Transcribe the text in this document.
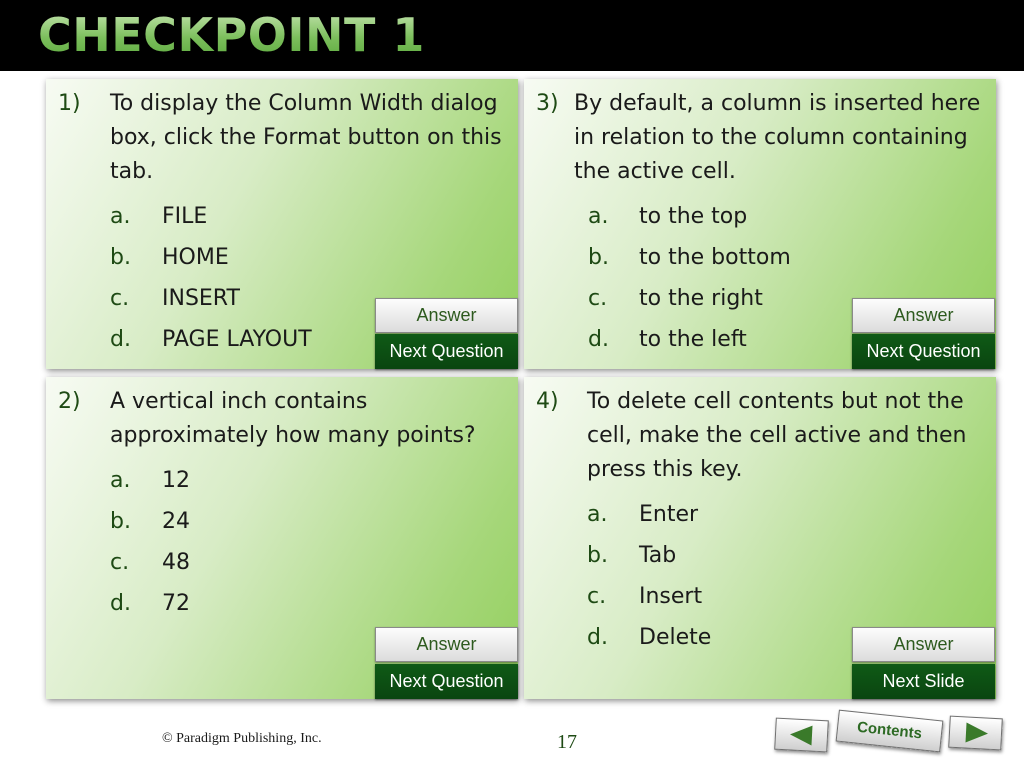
CHECKPOINT 1
1)	To display the Column Width dialog box, click the Format button on this tab.
a. FILE
b. HOME
c. INSERT
d. PAGE LAYOUT
Answer
Next Question
3) By default, a column is inserted here in relation to the column containing the active cell.
a. to the top
b. to the bottom
c. to the right
d. to the left
Answer
Next Question
2)	A vertical inch contains approximately how many points?
a. 12
b. 24
c. 48
d. 72
Answer
Next Question
4)	To delete cell contents but not the cell, make the cell active and then press this key.
a. Enter
b. Tab
c. Insert
d. Delete	Answer
Next Slide
© Paradigm Publishing, Inc.	17	Contents
